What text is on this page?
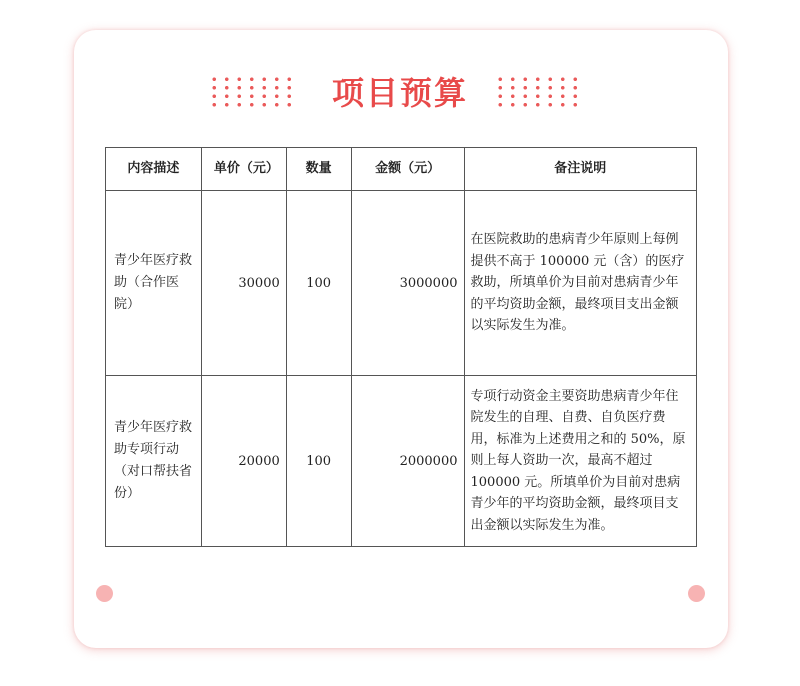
项目预算
内容描述	单价（元）	数量	金额（元）	备注说明
青少年医疗救助（合作医院）	30000	100	3000000	在医院救助的患病青少年原则上每例提供不高于 100000 元（含）的医疗救助，所填单价为目前对患病青少年的平均资助金额，最终项目支出金额以实际发生为准。
青少年医疗救助专项行动（对口帮扶省份）	20000	100	2000000	专项行动资金主要资助患病青少年住院发生的自理、自费、自负医疗费用，标准为上述费用之和的 50%，原则上每人资助一次，最高不超过 100000 元。所填单价为目前对患病青少年的平均资助金额，最终项目支出金额以实际发生为准。
